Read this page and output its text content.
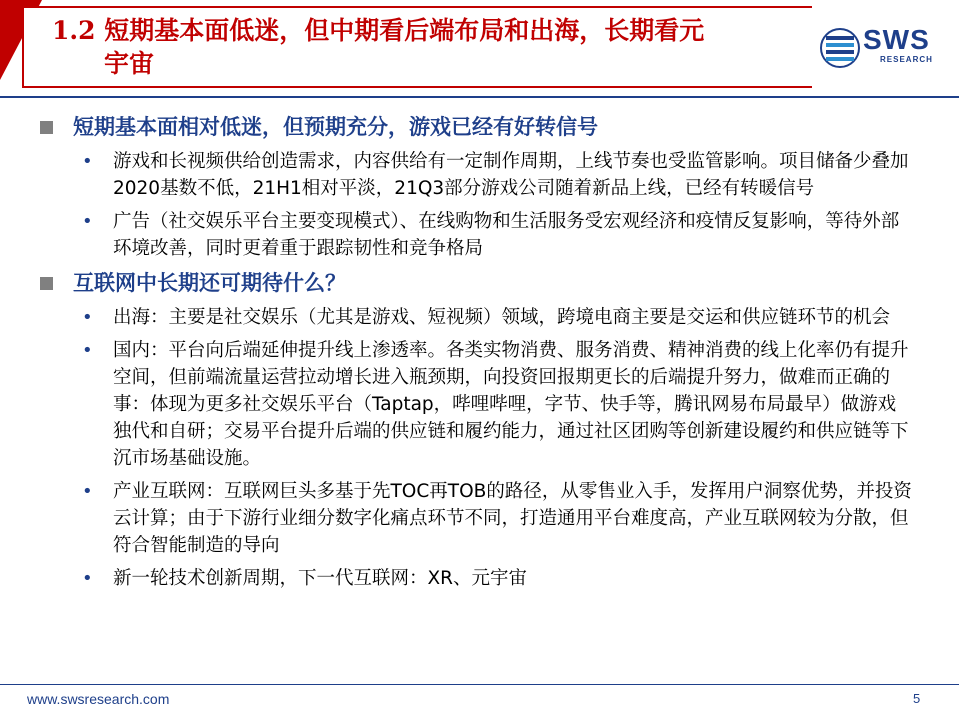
1.2 短期基本面低迷，但中期看后端布局和出海，长期看元
宇宙
SWS
RESEARCH
短期基本面相对低迷，但预期充分，游戏已经有好转信号
• 游戏和长视频供给创造需求，内容供给有一定制作周期，上线节奏也受监管影响。项目储备少叠加2020基数不低，21H1相对平淡，21Q3部分游戏公司随着新品上线，已经有转暖信号
• 广告（社交娱乐平台主要变现模式）、在线购物和生活服务受宏观经济和疫情反复影响，等待外部环境改善，同时更着重于跟踪韧性和竞争格局
互联网中长期还可期待什么？
• 出海：主要是社交娱乐（尤其是游戏、短视频）领域，跨境电商主要是交运和供应链环节的机会
• 国内：平台向后端延伸提升线上渗透率。各类实物消费、服务消费、精神消费的线上化率仍有提升空间，但前端流量运营拉动增长进入瓶颈期，向投资回报期更长的后端提升努力，做难而正确的事：体现为更多社交娱乐平台（Taptap，哔哩哔哩，字节、快手等，腾讯网易布局最早）做游戏独代和自研；交易平台提升后端的供应链和履约能力，通过社区团购等创新建设履约和供应链等下沉市场基础设施。
• 产业互联网：互联网巨头多基于先TOC再TOB的路径，从零售业入手，发挥用户洞察优势，并投资云计算；由于下游行业细分数字化痛点环节不同，打造通用平台难度高，产业互联网较为分散，但符合智能制造的导向
• 新一轮技术创新周期，下一代互联网：XR、元宇宙
www.swsresearch.com	5
